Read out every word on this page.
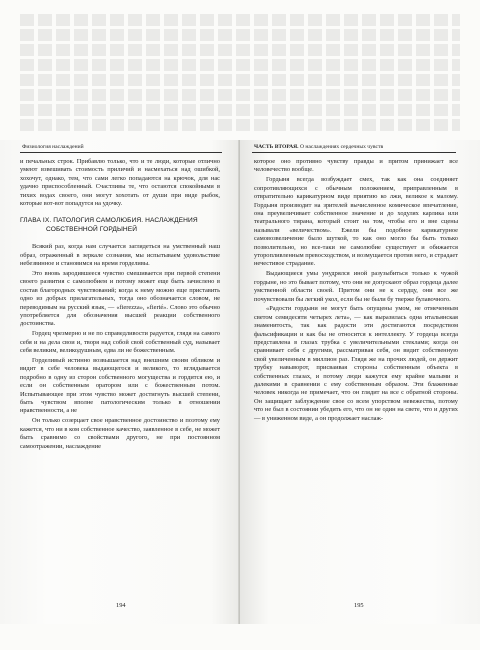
Физиология наслаждений

и печальных строк. Прибавлю только, что и те люди, которые отлично умеют взвешивать стоимость приличий и насмехаться над ошибкой, хохочут, однако, тем, что сами легко попадаются на крючок, для нас удачно приспособленный. Счастливы те, что остаются спокойными в тихих водах своего, они могут хохотать от души при виде рыбок, которые вот-вот попадутся на удочку.

ГЛАВА IX. ПАТОЛОГИЯ САМОЛЮБИЯ. НАСЛАЖДЕНИЯ
СОБСТВЕННОЙ ГОРДЫНЕЙ

Всякий раз, когда нам случается заглядеться на умственный наш образ, отраженный в зеркале сознания, мы испытываем удовольствие небезвинное и становимся на время горделивы.

Это вновь зародившееся чувство смешивается при первой степени своего развития с самолюбием и потому может еще быть зачислено в состав благородных чувствований; когда к нему можно еще приставить одно из добрых прилагательных, тогда оно обозначается словом, не переводимым на русский язык, — «fierezza», «fierté». Слово это обычно употребляется для обозначения высшей реакции собственного достоинства.

Гордец чрезмерно и не по справедливости радуется, глядя на самого себя и на дела свои и, творя над собой свой собственный суд, называет себя великим, великодушным, едва ли не божественным.

Горделивый истинно возвышается над внешним своим обликом и видит в себе человека выдающегося и великого, то вглядывается подробно в одну из сторон собственного могущества и гордится ею, и если он собственным оратором или с божественным потом. Испытывающее при этом чувство может достигнуть высшей степени, быть чувством вполне патологическим только в отношении нравственности, а не

Он только созерцает свое нравственное достоинство и поэтому ему кажется, что ни в ком собственное качество, заявленное в себе, не может быть сравнимо со свойствами другого, не при постоянном самоотражении, наслаждение

194
ЧАСТЬ ВТОРАЯ. О наслаждениях сердечных чувств

которое оно противно чувству правды и притом принижает все человечество вообще.

Гордыня всегда возбуждает смех, так как она соединяет сопротивляющихся с обычным положением, приправленным в отвратительно карикатурном виде приятию ко лжи, великое к малому. Гордыня производит на зрителей вычисленное комическое впечатление, она преувеличивает собственное значение и до ходулях карлика или театрального тирана, который стоит на том, чтобы его и вне сцены называли «величеством». Ежели бы подобное карикатурное самовозвеличение было шуткой, то как оно могло бы быть только позволительно, но все-таки не самолюбие существует и обижается уторопливленным превосходством, и возмущается против него, и страдает нечестивое страдание.

Выдающиеся умы унудрялся иной разузыбиться только к чужой гордыне, но это бывает потому, что они не допускают образ гордеца далее умственной области своей. Притом они не к сердцу, они все же почувствовали бы легкий укол, если бы не были бу тверже булавочного.

«Радости гордыни не могут быть опущены умом, не отмеченным светом семидесяти четырех лета», — как выразилась одна итальянская знаменитость, так как радости эти достигаются посредством фальсификации и как бы не относится к интеллекту. У гордеца всегда представлена в глазах трубка с увеличительными стеклами; когда он сравнивает себя с другими, рассматривая себя, он видит собственную свой увеличенным в миллион раз. Глядя же на прочих людей, он держит трубку навыворот, присваивая стороны собственным объекта в собственных глазах, и потому люди кажутся ему крайне малыми и далекими в сравнении с ему собственным образом. Эти блаженные человек никогда не примечает, что он глядит на все с обратной стороны. Он защищает заблуждение свое со всем упорством невежества, потому что не был в состоянии убедить его, что он не один на свете, что и других — в униженном виде, а он продолжает наслаж-

195
